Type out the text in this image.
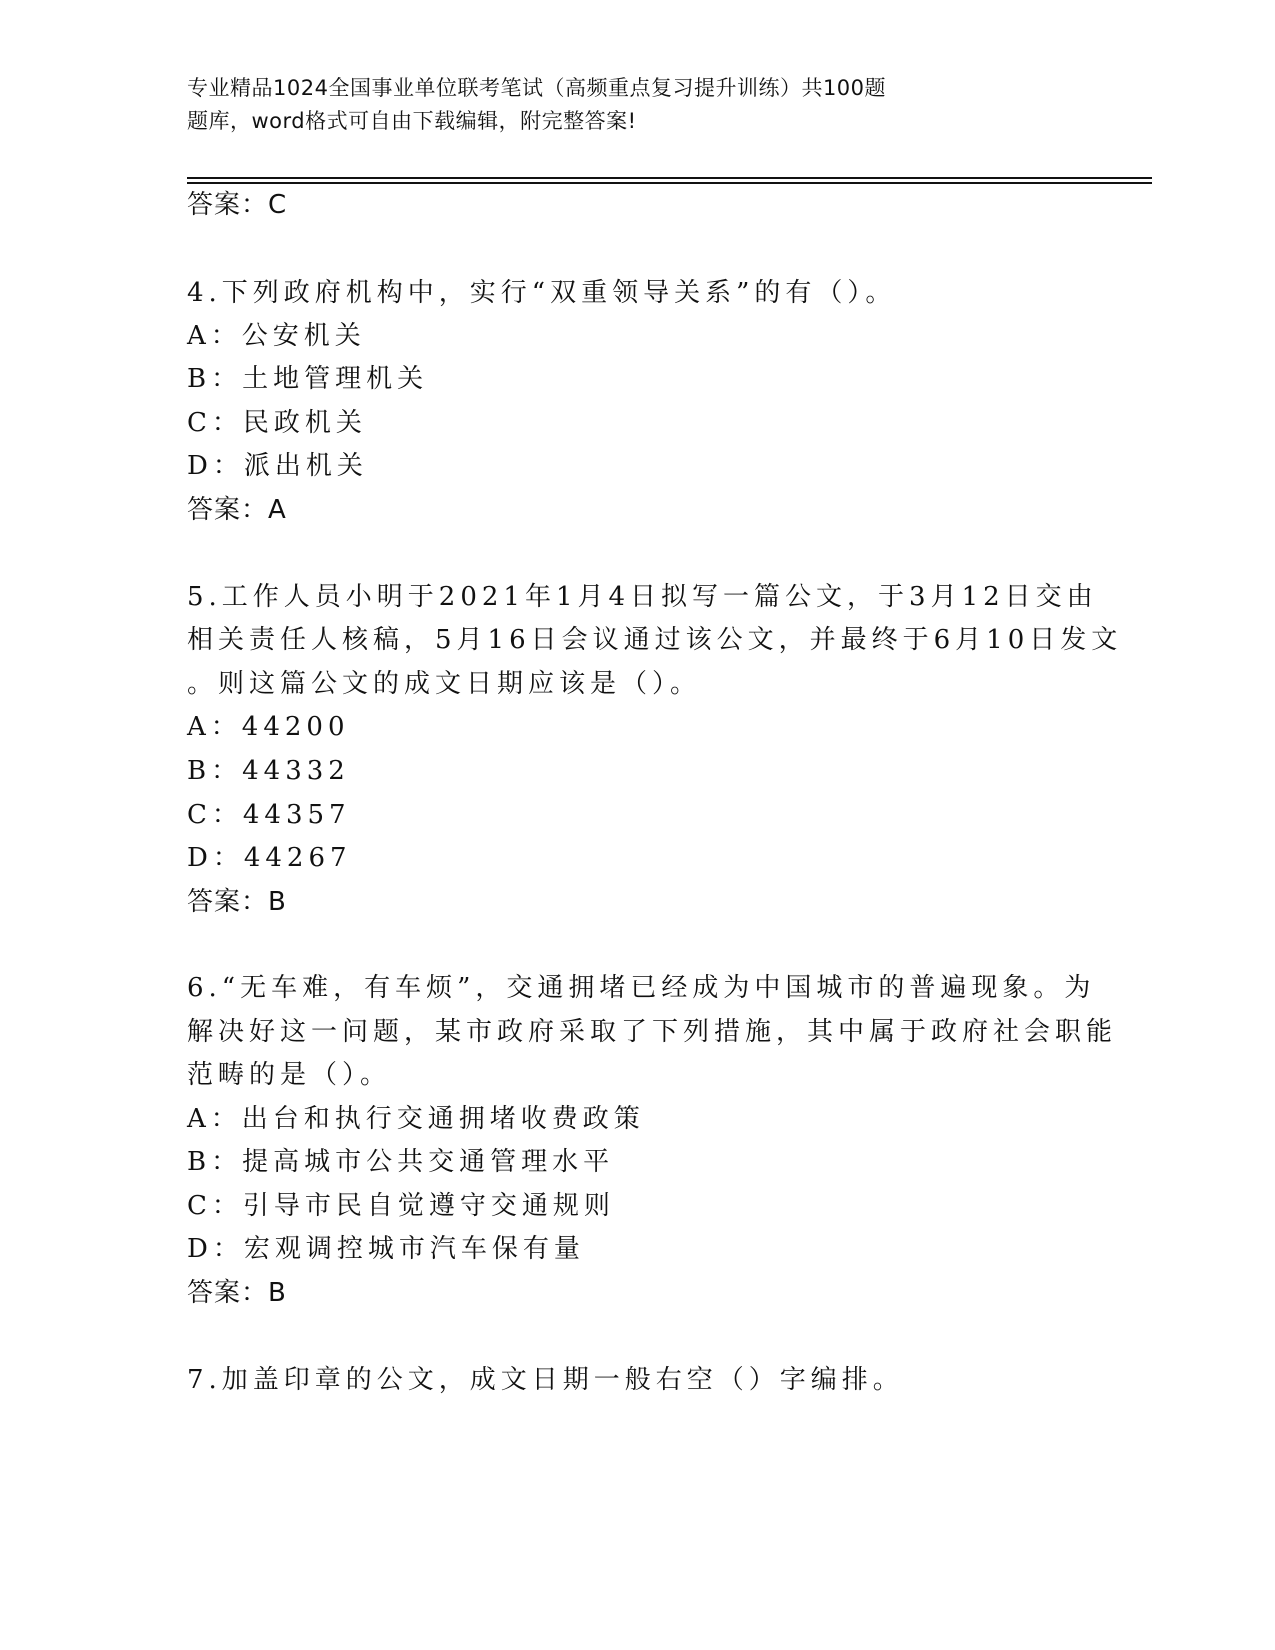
专业精品1024全国事业单位联考笔试（高频重点复习提升训练）共100题
题库，word格式可自由下载编辑，附完整答案!
答案：C
4.下列政府机构中，实行“双重领导关系”的有（）。
A：公安机关
B：土地管理机关
C：民政机关
D：派出机关
答案：A
5.工作人员小明于2021年1月4日拟写一篇公文，于3月12日交由
相关责任人核稿，5月16日会议通过该公文，并最终于6月10日发文
。则这篇公文的成文日期应该是（）。
A：44200
B：44332
C：44357
D：44267
答案：B
6.“无车难，有车烦”，交通拥堵已经成为中国城市的普遍现象。为
解决好这一问题，某市政府采取了下列措施，其中属于政府社会职能
范畴的是（）。
A：出台和执行交通拥堵收费政策
B：提高城市公共交通管理水平
C：引导市民自觉遵守交通规则
D：宏观调控城市汽车保有量
答案：B
7.加盖印章的公文，成文日期一般右空（）字编排。
